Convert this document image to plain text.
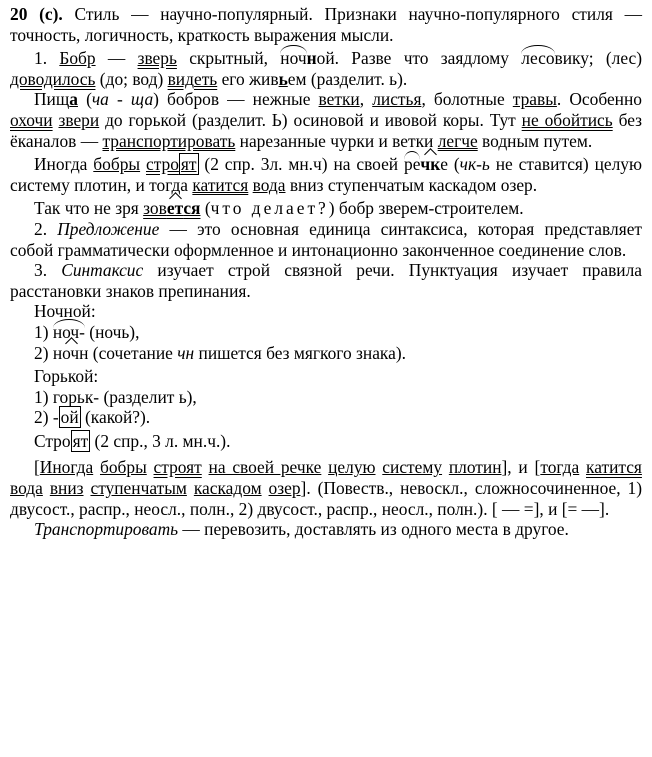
20 (с). Стиль — научно-популярный. Признаки научно-популярного стиля — точность, логичность, краткость выражения мысли.

1. Бобр — зверь скрытный, ночной. Разве что заядлому лесовику; (лес) доводилось (до; вод) видеть его живьем (разделит. ь).

Пища (ча - ща) бобров — нежные ветки, листья, болотные травы. Особенно охочи звери до горькой (разделит. Ь) осиновой и ивовой коры. Тут не обойтись без ёканалов — транспортировать нарезанные чурки и ветки легче водным путем.

Иногда бобры стро ят (2 спр. 3л. мн.ч) на своей речке (чк-ь не ставится) целую систему плотин, и тогда катится вода вниз ступенчатым каскадом озер.

Так что не зря зовется (что делает?) бобр зверем-строителем.

2. Предложение — это основная единица синтаксиса, которая представляет собой грамматически оформленное и интонационно законченное соединение слов.

3. Синтаксис изучает строй связной речи. Пунктуация изучает правила расстановки знаков препинания.

Ночной:
1) ноч- (ночь),
2) ночн (сочетание чн пишется без мягкого знака).
Горькой:
1) горьк- (разделит ь),
2) - ой (какой?).
Стро ят (2 спр., 3 л. мн.ч.).

[Иногда бобры строят на своей речке целую систему плотин], и [тогда катится вода вниз ступенчатым каскадом озер]. (Повеств., невоскл., сложносочиненное, 1) двусост., распр., неосл., полн., 2) двусост., распр., неосл., полн.). [ — =], и [= —].

Транспортировать — перевозить, доставлять из одного места в другое.
